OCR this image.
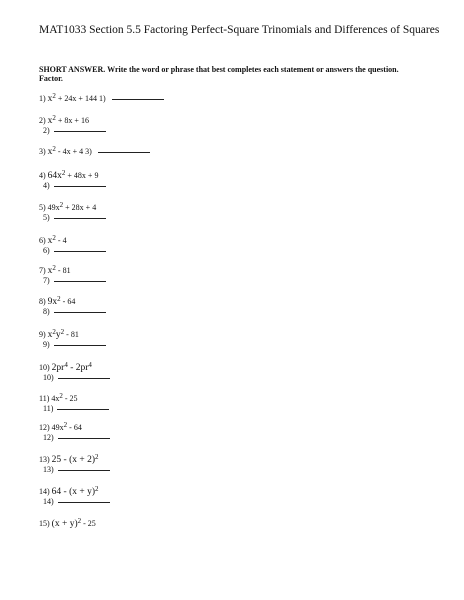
MAT1033 Section 5.5 Factoring Perfect-Square Trinomials and Differences of Squares
SHORT ANSWER. Write the word or phrase that best completes each statement or answers the question.
Factor.
1) $x^2 + 24x + 144$ 1)
2) $x^2 + 8x + 16$
2)
3) $x^2 - 4x + 4$ 3)
4) $64x^2 + 48x + 9$
4)
5) $49x^2 + 28x + 4$
5)
6) $x^2 - 4$
6)
7) $x^2 - 81$
7)
8) $9x^2 - 64$
8)
9) $x^2y^2 - 81$
9)
10) $2pr^4 - 2pr^4$
10)
11) $4x^2 - 25$
11)
12) $49x^2 - 64$
12)
13) $25 - (x + 2)^2$
13)
14) $64 - (x + y)^2$
14)
15) $(x + y)^2 - 25$
